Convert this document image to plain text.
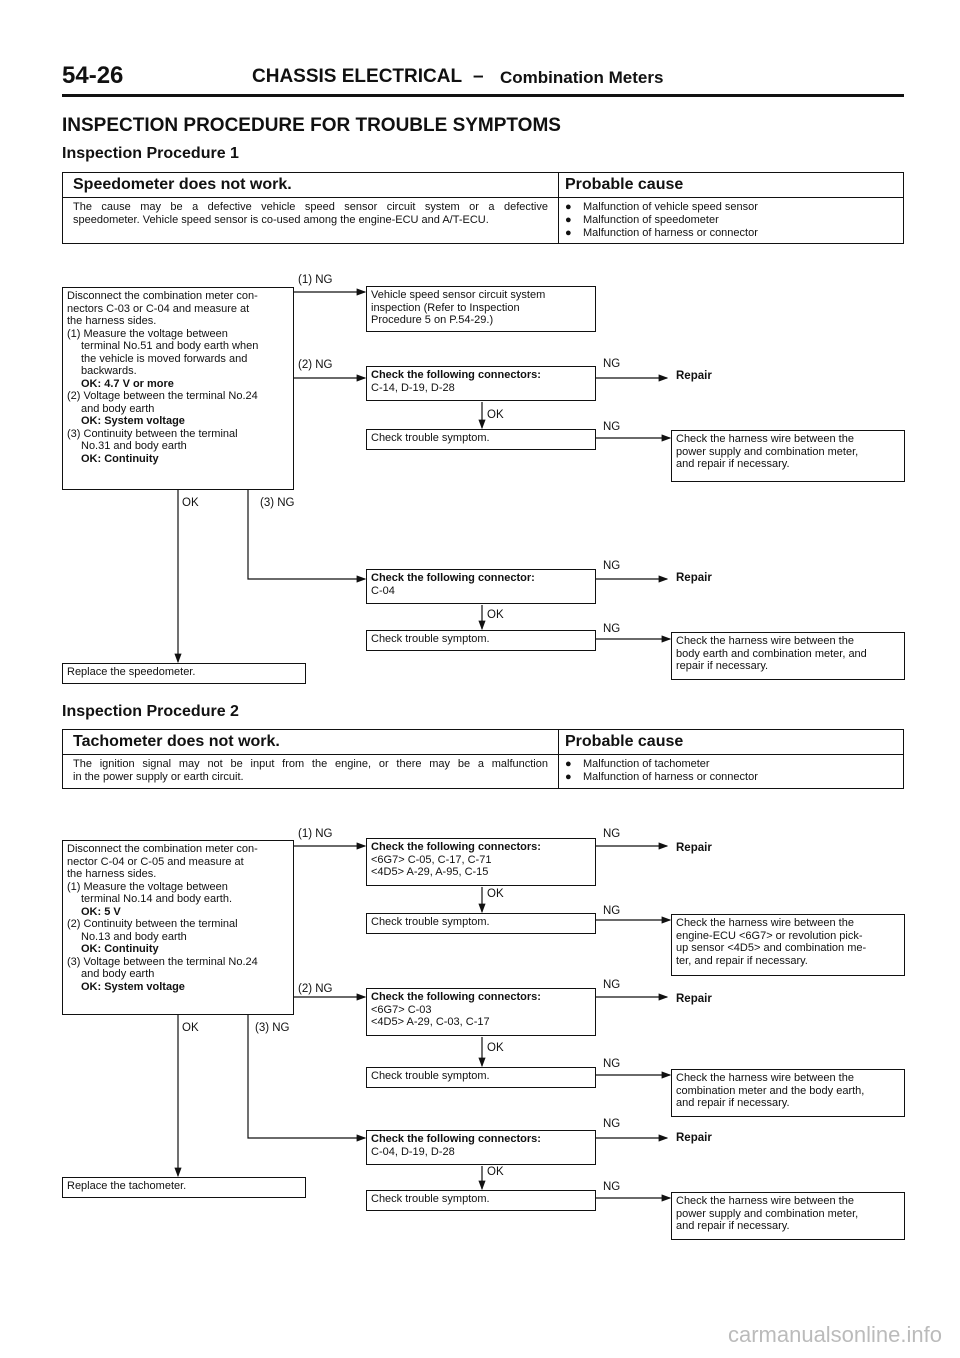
54-26	CHASSIS ELECTRICAL – Combination Meters
INSPECTION PROCEDURE FOR TROUBLE SYMPTOMS
Inspection Procedure 1
Speedometer does not work.	Probable cause
The cause may be a defective vehicle speed sensor circuit system or a defective
speedometer. Vehicle speed sensor is co-used among the engine-ECU and A/T-ECU.
●	Malfunction of vehicle speed sensor
●	Malfunction of speedometer
●	Malfunction of harness or connector
Disconnect the combination meter con-
nectors C-03 or C-04 and measure at
the harness sides.
(1) Measure the voltage between
terminal No.51 and body earth when
the vehicle is moved forwards and
backwards.
OK: 4.7 V or more
(2) Voltage between the terminal No.24
and body earth
OK: System voltage
(3) Continuity between the terminal
No.31 and body earth
OK: Continuity
Vehicle speed sensor circuit system
inspection (Refer to Inspection
Procedure 5 on P.54-29.)
Check the following connectors:
C-14, D-19, D-28
Check trouble symptom.	Check the harness wire between the
power supply and combination meter,
and repair if necessary.
Check the following connector:
C-04
Check trouble symptom.	Check the harness wire between the
body earth and combination meter, and
repair if necessary.
Replace the speedometer.
(1) NG
(2) NG
(3) NG
OK
NG
NG
NG
NG
OK
OK
Repair
Repair
Inspection Procedure 2
Tachometer does not work.	Probable cause
The ignition signal may not be input from the engine, or there may be a malfunction
in the power supply or earth circuit.
●	Malfunction of tachometer
●	Malfunction of harness or connector
Disconnect the combination meter con-
nector C-04 or C-05 and measure at
the harness sides.
(1) Measure the voltage between
terminal No.14 and body earth.
OK: 5 V
(2) Continuity between the terminal
No.13 and body earth
OK: Continuity
(3) Voltage between the terminal No.24
and body earth
OK: System voltage
Check the following connectors:
<6G7> C-05, C-17, C-71
<4D5> A-29, A-95, C-15
Check trouble symptom.	Check the harness wire between the
engine-ECU <6G7> or revolution pick-
up sensor <4D5> and combination me-
ter, and repair if necessary.
Check the following connectors:
<6G7> C-03
<4D5> A-29, C-03, C-17
Check trouble symptom.	Check the harness wire between the
combination meter and the body earth,
and repair if necessary.
Check the following connectors:
C-04, D-19, D-28
Check trouble symptom.	Check the harness wire between the
power supply and combination meter,
and repair if necessary.
Replace the tachometer.
(1) NG
(2) NG
(3) NG
OK
NG
NG
NG
NG
NG
NG
OK
OK
OK
Repair
Repair
Repair
carmanualsonline.info
